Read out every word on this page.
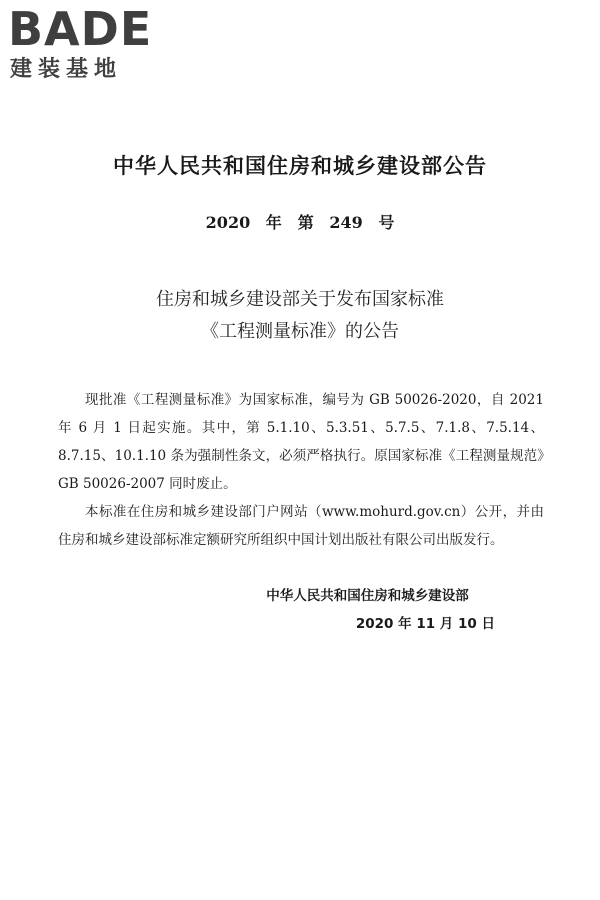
BADE
建装基地
中华人民共和国住房和城乡建设部公告
2020 年　第 249 号
住房和城乡建设部关于发布国家标准
《工程测量标准》的公告

现批准《工程测量标准》为国家标准，编号为 GB 50026-2020，自 2021 年 6 月 1 日起实施。其中，第 5.1.10、5.3.51、5.7.5、7.1.8、7.5.14、8.7.15、10.1.10 条为强制性条文，必须严格执行。原国家标准《工程测量规范》GB 50026-2007 同时废止。

本标准在住房和城乡建设部门户网站（www.mohurd.gov.cn）公开，并由住房和城乡建设部标准定额研究所组织中国计划出版社有限公司出版发行。

中华人民共和国住房和城乡建设部
2020 年 11 月 10 日
